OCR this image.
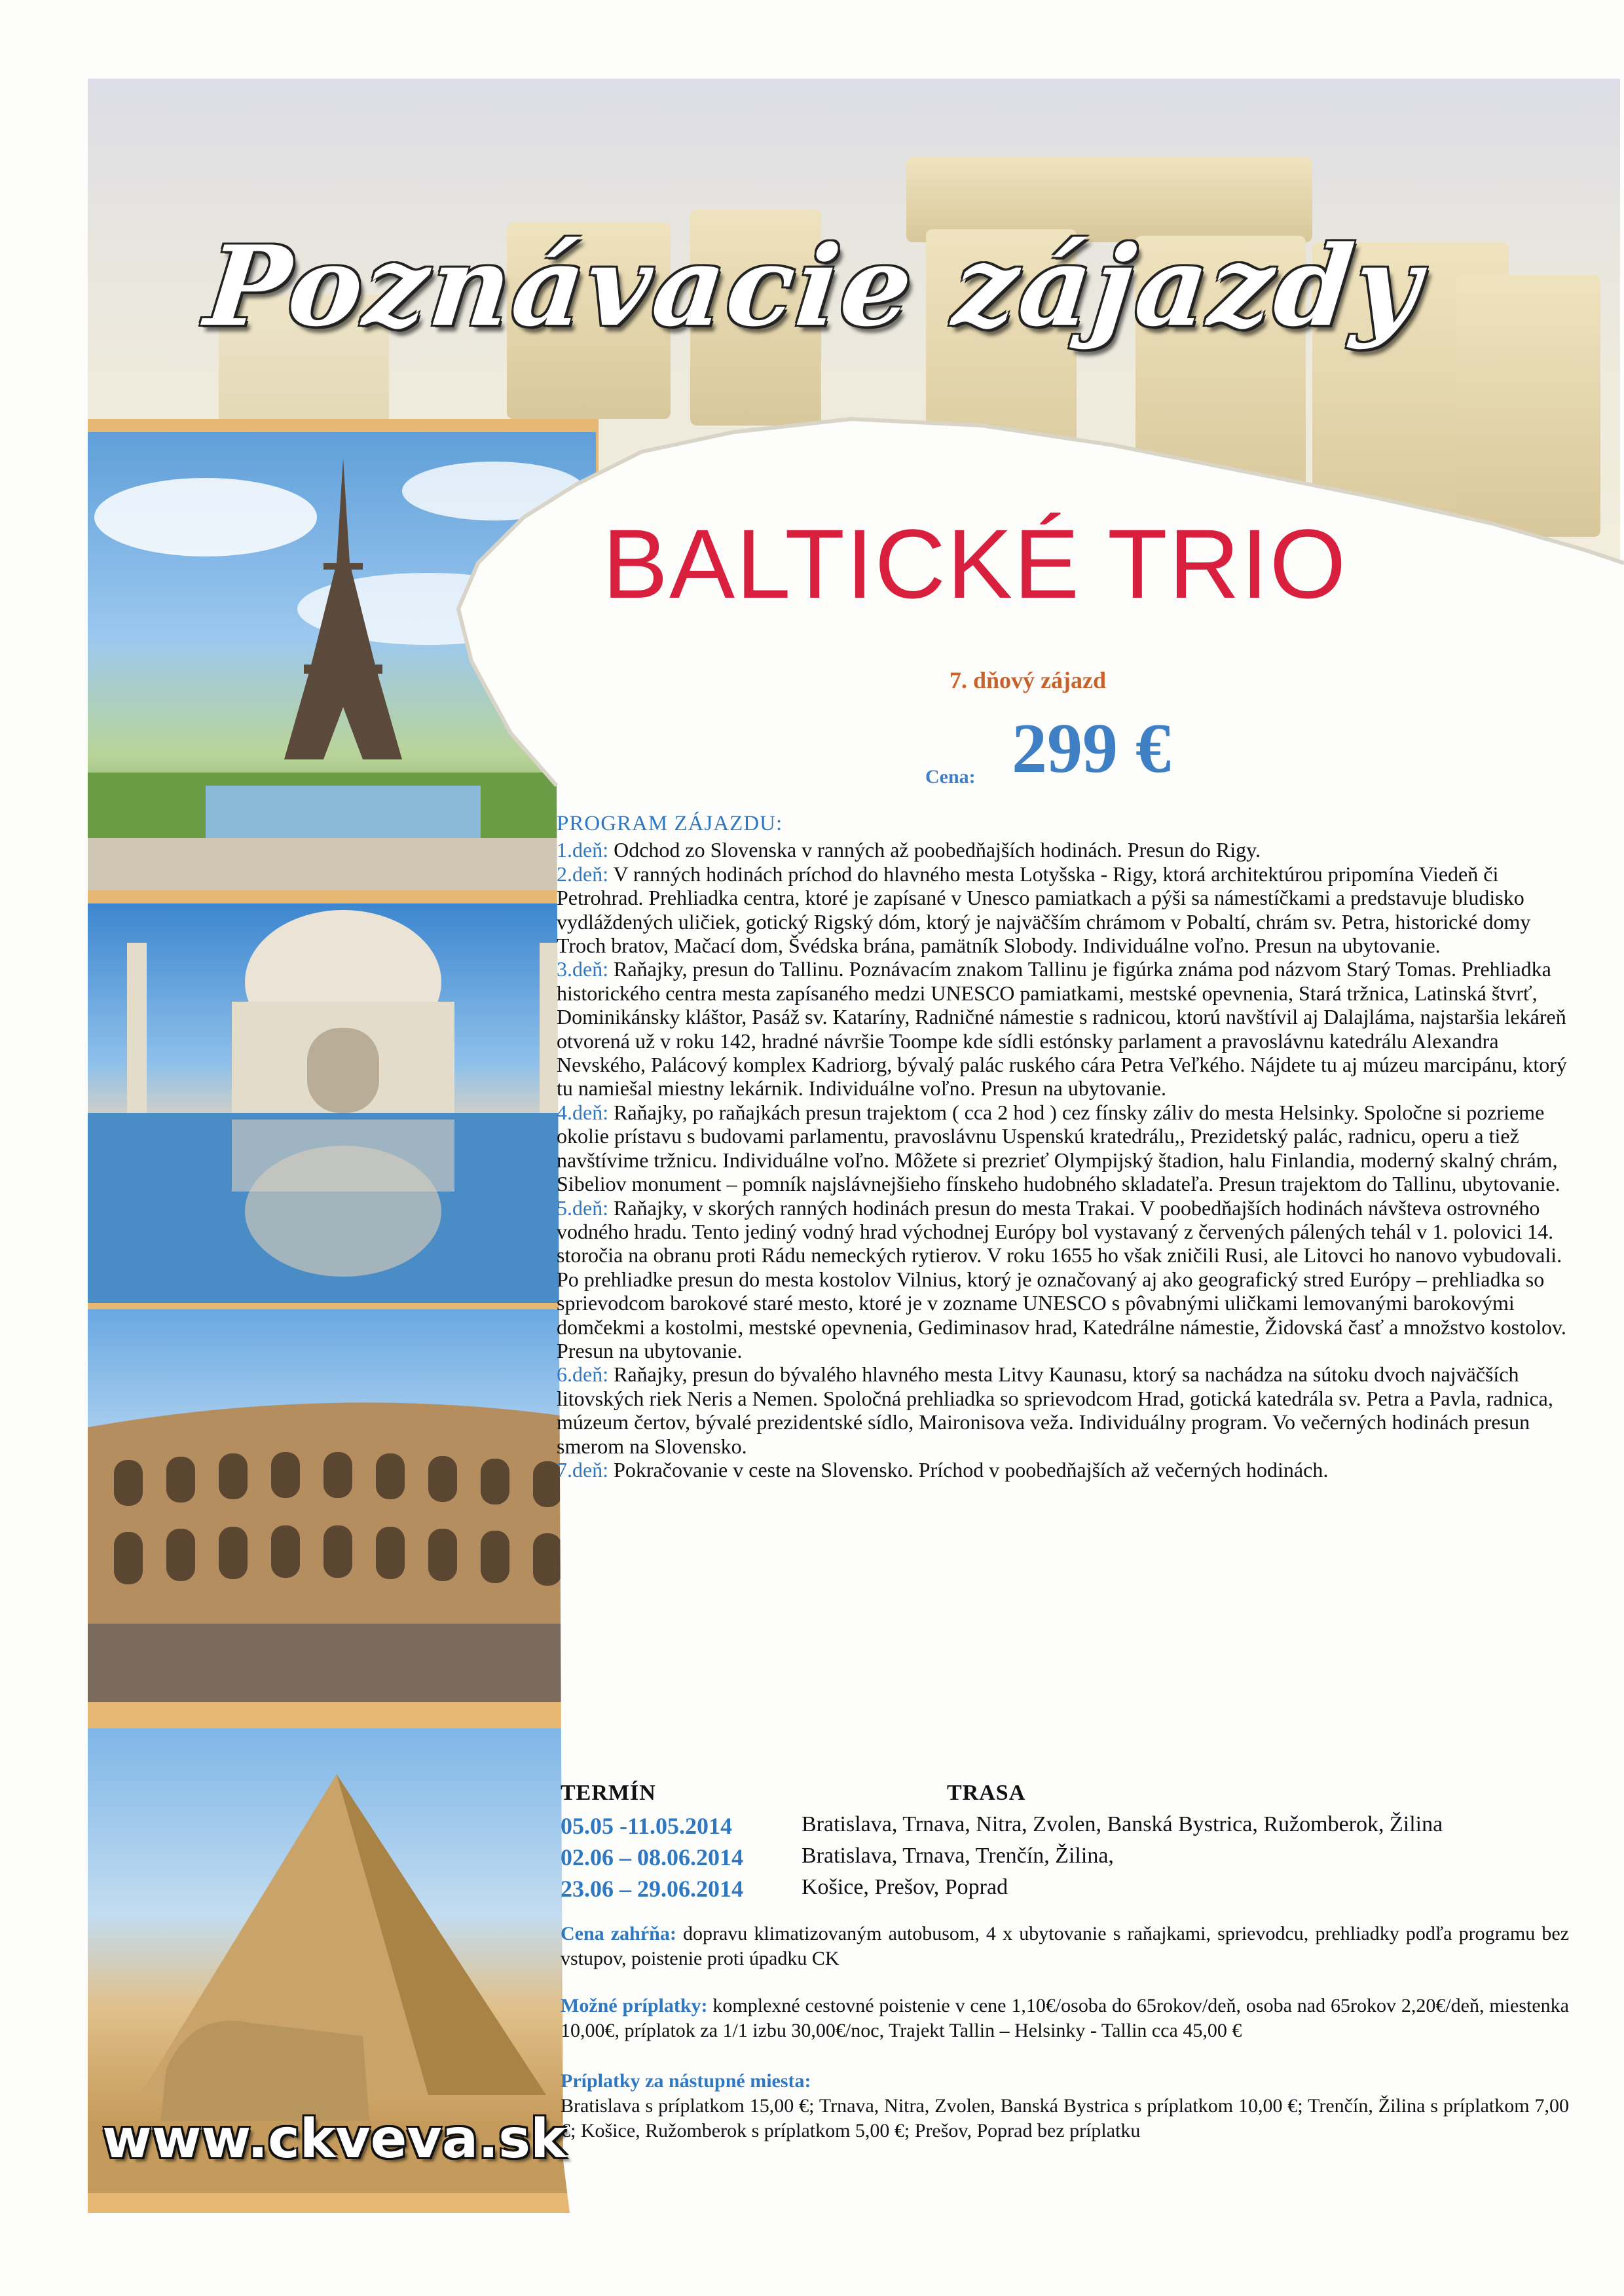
Poznávacie zájazdy
BALTICKÉ TRIO
7. dňový zájazd
Cena: 299 €
PROGRAM ZÁJAZDU:
1.deň: Odchod zo Slovenska v ranných až poobedňajších hodinách. Presun do Rigy.
2.deň: V ranných hodinách príchod do hlavného mesta Lotyšska - Rigy, ktorá architektúrou pripomína Viedeň či Petrohrad. Prehliadka centra, ktoré je zapísané v Unesco pamiatkach a pýši sa námestíčkami a predstavuje bludisko vydláždených uličiek, gotický Rigský dóm, ktorý je najväčším chrámom v Pobaltí, chrám sv. Petra, historické domy Troch bratov, Mačací dom, Švédska brána, pamätník Slobody. Individuálne voľno. Presun na ubytovanie.
3.deň: Raňajky, presun do Tallinu. Poznávacím znakom Tallinu je figúrka známa pod názvom Starý Tomas. Prehliadka historického centra mesta zapísaného medzi UNESCO pamiatkami, mestské opevnenia, Stará tržnica, Latinská štvrť, Dominikánsky kláštor, Pasáž sv. Kataríny, Radničné námestie s radnicou, ktorú navštívil aj Dalajláma, najstaršia lekáreň otvorená už v roku 142, hradné návršie Toompe kde sídli estónsky parlament a pravoslávnu katedrálu Alexandra Nevského, Palácový komplex Kadriorg, bývalý palác ruského cára Petra Veľkého. Nájdete tu aj múzeu marcipánu, ktorý tu namiešal miestny lekárnik. Individuálne voľno. Presun na ubytovanie.
4.deň: Raňajky, po raňajkách presun trajektom ( cca 2 hod ) cez fínsky záliv do mesta Helsinky. Spoločne si pozrieme okolie prístavu s budovami parlamentu, pravoslávnu Uspenskú kratedrálu,, Prezidetský palác, radnicu, operu a tiež navštívime tržnicu. Individuálne voľno. Môžete si prezrieť Olympijský štadion, halu Finlandia, moderný skalný chrám, Sibeliov monument – pomník najslávnejšieho fínskeho hudobného skladateľa. Presun trajektom do Tallinu, ubytovanie.
5.deň: Raňajky, v skorých ranných hodinách presun do mesta Trakai. V poobedňajších hodinách návšteva ostrovného vodného hradu. Tento jediný vodný hrad východnej Európy bol vystavaný z červených pálených tehál v 1. polovici 14. storočia na obranu proti Rádu nemeckých rytierov. V roku 1655 ho však zničili Rusi, ale Litovci ho nanovo vybudovali. Po prehliadke presun do mesta kostolov Vilnius, ktorý je označovaný aj ako geografický stred Európy – prehliadka so sprievodcom barokové staré mesto, ktoré je v zozname UNESCO s pôvabnými uličkami lemovanými barokovými domčekmi a kostolmi, mestské opevnenia, Gediminasov hrad, Katedrálne námestie, Židovská časť a množstvo kostolov. Presun na ubytovanie.
6.deň: Raňajky, presun do bývalého hlavného mesta Litvy Kaunasu, ktorý sa nachádza na sútoku dvoch najväčších litovských riek Neris a Nemen. Spoločná prehliadka so sprievodcom Hrad, gotická katedrála sv. Petra a Pavla, radnica, múzeum čertov, bývalé prezidentské sídlo, Maironisova veža. Individuálny program. Vo večerných hodinách presun smerom na Slovensko.
7.deň: Pokračovanie v ceste na Slovensko. Príchod v poobedňajších až večerných hodinách.
TERMÍN	TRASA
05.05 -11.05.2014	Bratislava, Trnava, Nitra, Zvolen, Banská Bystrica, Ružomberok, Žilina
02.06 – 08.06.2014	Bratislava, Trnava, Trenčín, Žilina,
23.06 – 29.06.2014	Košice, Prešov, Poprad
Cena zahŕňa: dopravu klimatizovaným autobusom, 4 x ubytovanie s raňajkami, sprievodcu, prehliadky podľa programu bez vstupov, poistenie proti úpadku CK
Možné príplatky: komplexné cestovné poistenie v cene 1,10€/osoba do 65rokov/deň, osoba nad 65rokov 2,20€/deň, miestenka 10,00€, príplatok za 1/1 izbu 30,00€/noc, Trajekt Tallin – Helsinky - Tallin cca 45,00 €
Príplatky za nástupné miesta:
Bratislava s príplatkom 15,00 €; Trnava, Nitra, Zvolen, Banská Bystrica s príplatkom 10,00 €; Trenčín, Žilina s príplatkom 7,00 €; Košice, Ružomberok s príplatkom 5,00 €; Prešov, Poprad bez príplatku
www.ckveva.sk
